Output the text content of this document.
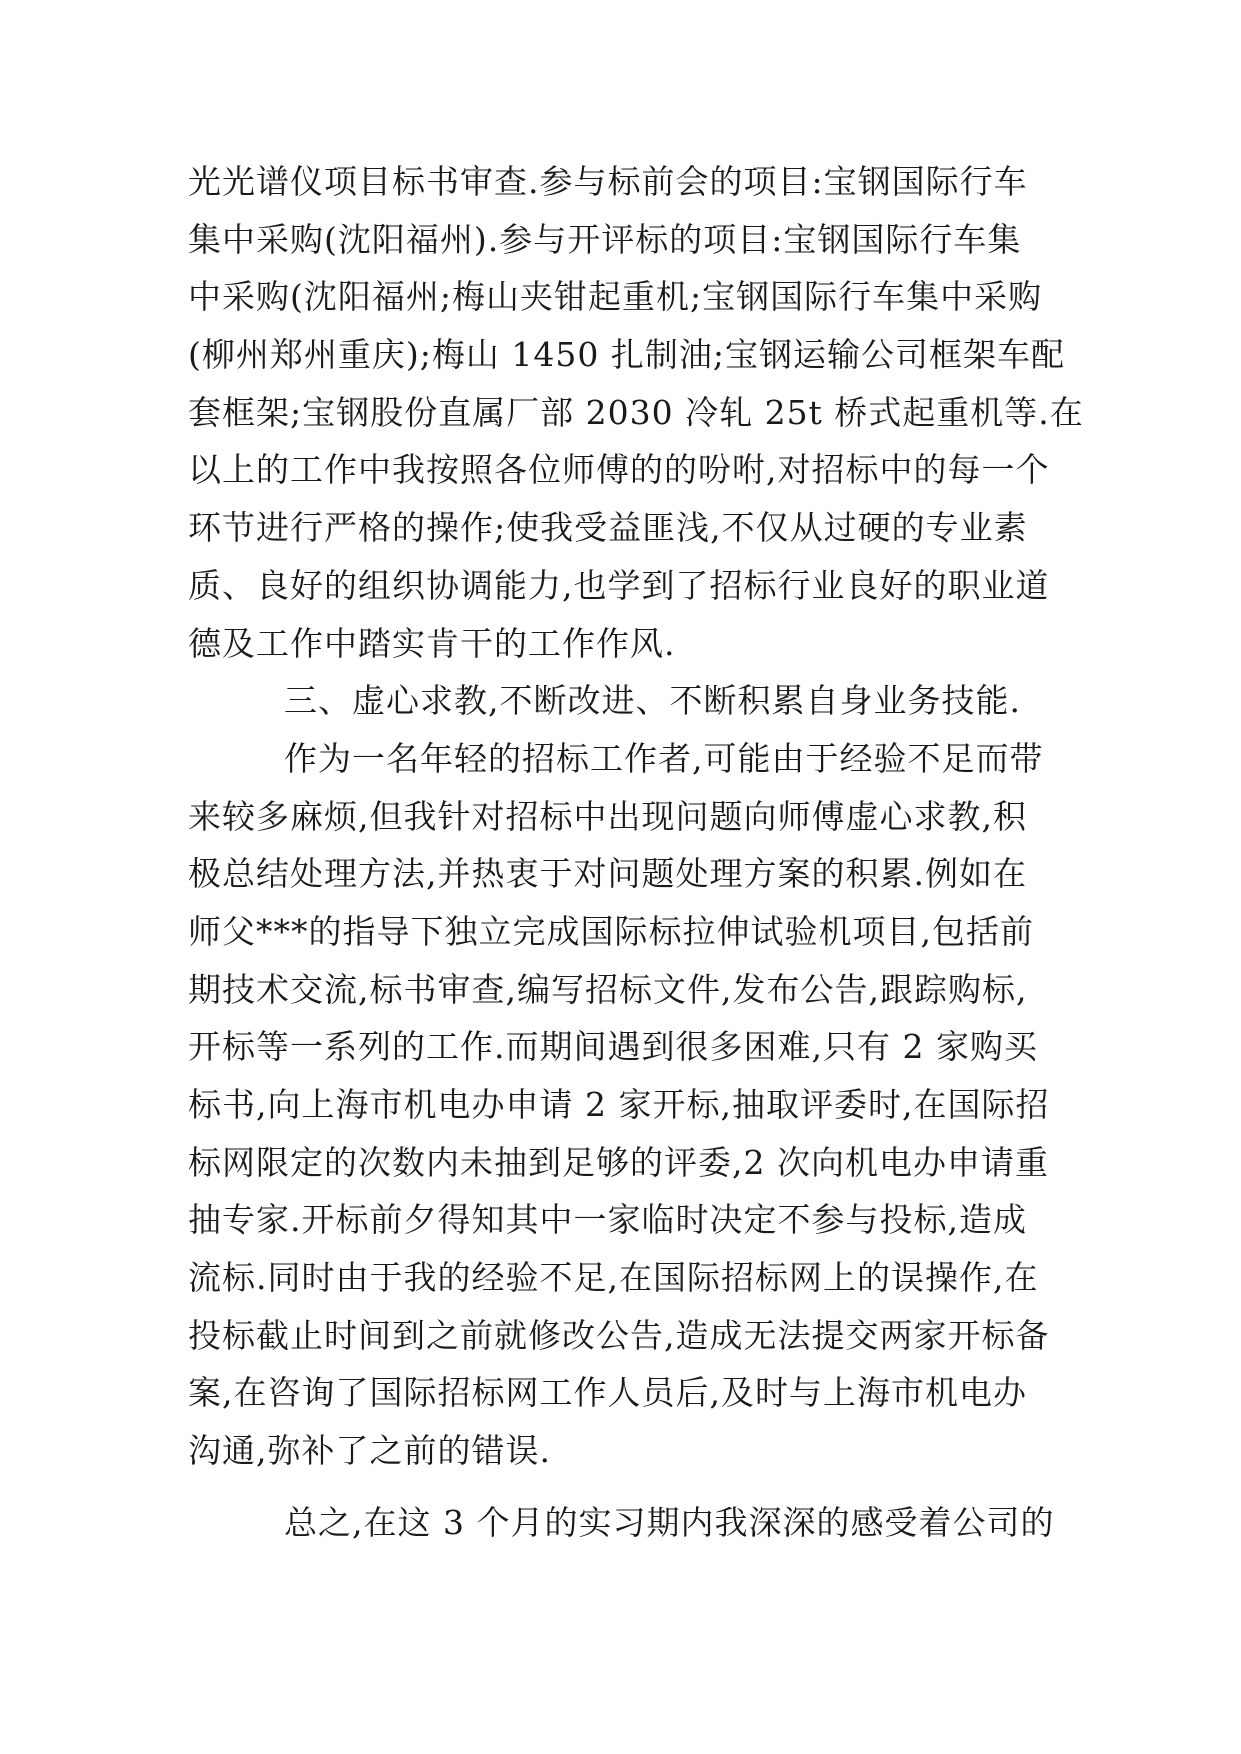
光光谱仪项目标书审查.参与标前会的项目:宝钢国际行车
集中采购(沈阳福州).参与开评标的项目:宝钢国际行车集
中采购(沈阳福州;梅山夹钳起重机;宝钢国际行车集中采购
(柳州郑州重庆);梅山 1450 扎制油;宝钢运输公司框架车配
套框架;宝钢股份直属厂部 2030 冷轧 25t 桥式起重机等.在
以上的工作中我按照各位师傅的的吩咐,对招标中的每一个
环节进行严格的操作;使我受益匪浅,不仅从过硬的专业素
质、良好的组织协调能力,也学到了招标行业良好的职业道
德及工作中踏实肯干的工作作风.
三、虚心求教,不断改进、不断积累自身业务技能.
作为一名年轻的招标工作者,可能由于经验不足而带
来较多麻烦,但我针对招标中出现问题向师傅虚心求教,积
极总结处理方法,并热衷于对问题处理方案的积累.例如在
师父***的指导下独立完成国际标拉伸试验机项目,包括前
期技术交流,标书审查,编写招标文件,发布公告,跟踪购标,
开标等一系列的工作.而期间遇到很多困难,只有 2 家购买
标书,向上海市机电办申请 2 家开标,抽取评委时,在国际招
标网限定的次数内未抽到足够的评委,2 次向机电办申请重
抽专家.开标前夕得知其中一家临时决定不参与投标,造成
流标.同时由于我的经验不足,在国际招标网上的误操作,在
投标截止时间到之前就修改公告,造成无法提交两家开标备
案,在咨询了国际招标网工作人员后,及时与上海市机电办
沟通,弥补了之前的错误.
总之,在这 3 个月的实习期内我深深的感受着公司的
